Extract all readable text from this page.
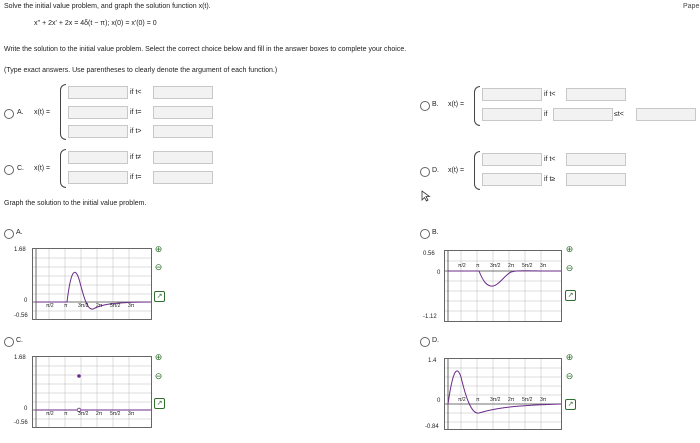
Solve the initial value problem, and graph the solution function x(t).	Pape
x'' + 2x' + 2x = 4δ(t − π); x(0) = x'(0) = 0
Write the solution to the initial value problem. Select the correct choice below and fill in the answer boxes to complete your choice.
(Type exact answers. Use parentheses to clearly denote the argument of each function.)
A. x(t) =
if t<
if t=
if t>
B. x(t) =
if t<
if	≤t<
C. x(t) =
if t≠
if t=
D. x(t) =
if t<
if t≥
Graph the solution to the initial value problem.
A.
1.68
0
-0.56
⊕
⊖
↗
C.
1.68
0
-0.56
⊕
⊖
↗
B.
0.56
0
-1.12
⊕
⊖
↗
D.
1.4
0
-0.84
⊕
⊖
↗
π/2 π 3π/2 2π 5π/2 3π
π/2 π 3π/2 2π 5π/2 3π
π/2 π 3π/2 2π 5π/2 3π
π/2 π 3π/2 2π 5π/2 3π
